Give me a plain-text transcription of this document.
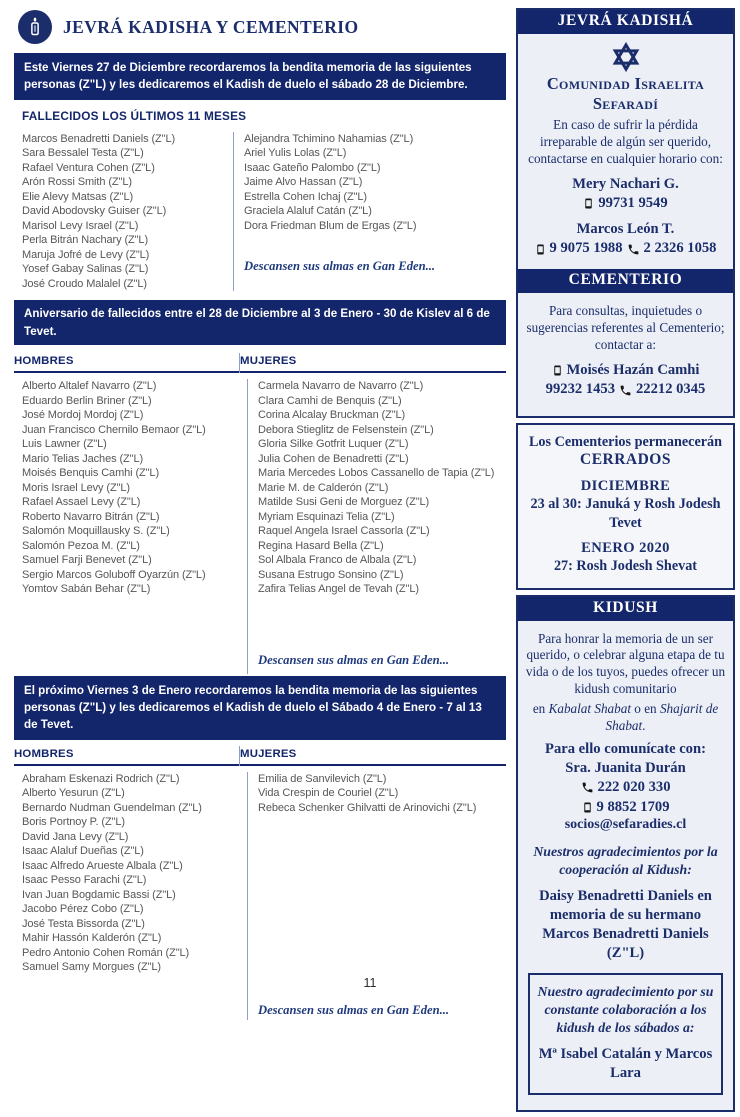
JEVRÁ KADISHA Y CEMENTERIO
Este Viernes 27 de Diciembre recordaremos la bendita memoria de las siguientes personas (Z"L) y les dedicaremos el Kadish de duelo el sábado 28 de Diciembre.
FALLECIDOS LOS ÚLTIMOS 11 MESES
Marcos Benadretti Daniels (Z"L)
Sara Bessalel Testa (Z"L)
Rafael Ventura Cohen (Z"L)
Arón Rossi Smith (Z"L)
Elie Alevy Matsas (Z"L)
David Abodovsky Guiser (Z"L)
Marisol Levy Israel (Z"L)
Perla Bitrán Nachary (Z"L)
Maruja Jofré de Levy (Z"L)
Yosef Gabay Salinas (Z"L)
José Croudo Malalel (Z"L)
Alejandra Tchimino Nahamias (Z"L)
Ariel Yulis Lolas (Z"L)
Isaac Gateño Palombo (Z"L)
Jaime Alvo Hassan (Z"L)
Estrella Cohen Ichaj (Z"L)
Graciela Alaluf Catán (Z"L)
Dora Friedman Blum de Ergas (Z"L)
Descansen sus almas en Gan Eden...
Aniversario de fallecidos entre el 28 de Diciembre al 3 de Enero - 30 de Kislev al 6 de Tevet.
HOMBRES	MUJERES
Alberto Altalef Navarro (Z"L)
Eduardo Berlin Briner (Z"L)
José Mordoj Mordoj (Z"L)
Juan Francisco Chernilo Bemaor (Z"L)
Luis Lawner (Z"L)
Mario Telias Jaches (Z"L)
Moisés Benquis Camhi (Z"L)
Moris Israel Levy (Z"L)
Rafael Assael Levy (Z"L)
Roberto Navarro Bitrán (Z"L)
Salomón Moquillausky S. (Z"L)
Salomón Pezoa M. (Z"L)
Samuel Farji Benevet (Z"L)
Sergio Marcos Goluboff Oyarzún (Z"L)
Yomtov Sabán Behar (Z"L)
Carmela Navarro de Navarro (Z"L)
Clara Camhi de Benquis (Z"L)
Corina Alcalay Bruckman (Z"L)
Debora Stieglitz de Felsenstein (Z"L)
Gloria Silke Gotfrit Luquer (Z"L)
Julia Cohen de Benadretti (Z"L)
Maria Mercedes Lobos Cassanello de Tapia (Z"L)
Marie M. de Calderón (Z"L)
Matilde Susi Geni de Morguez (Z"L)
Myriam Esquinazi Telia (Z"L)
Raquel Angela Israel Cassorla (Z"L)
Regina Hasard Bella (Z"L)
Sol Albala Franco de Albala (Z"L)
Susana Estrugo Sonsino (Z"L)
Zafira Telias Angel de Tevah (Z"L)
Descansen sus almas en Gan Eden...
El próximo Viernes 3 de Enero recordaremos la bendita memoria de las siguientes personas (Z"L) y les dedicaremos el Kadish de duelo el Sábado 4 de Enero - 7 al 13 de Tevet.
HOMBRES	MUJERES
Abraham Eskenazi Rodrich (Z"L)
Alberto Yesurun (Z"L)
Bernardo Nudman Guendelman (Z"L)
Boris Portnoy P. (Z"L)
David Jana Levy (Z"L)
Isaac Alaluf Dueñas (Z"L)
Isaac Alfredo Arueste Albala (Z"L)
Isaac Pesso Farachi (Z"L)
Ivan Juan Bogdamic Bassi (Z"L)
Jacobo Pérez Cobo (Z"L)
José Testa Bissorda (Z"L)
Mahir Hassón Kalderón (Z"L)
Pedro Antonio Cohen Román (Z"L)
Samuel Samy Morgues (Z"L)
Emilia de Sanvilevich (Z"L)
Vida Crespin de Couriel (Z"L)
Rebeca Schenker Ghilvatti de Arinovichi (Z"L)
Descansen sus almas en Gan Eden...
JEVRÁ KADISHÁ
Comunidad Israelita Sefaradí
En caso de sufrir la pérdida irreparable de algún ser querido, contactarse en cualquier horario con:
Mery Nachari G.
99731 9549
Marcos León T.
9 9075 1988 2 2326 1058
CEMENTERIO
Para consultas, inquietudes o sugerencias referentes al Cementerio; contactar a:
Moisés Hazán Camhi
99232 1453 22212 0345
Los Cementerios permanecerán
CERRADOS
DICIEMBRE
23 al 30: Januká y Rosh Jodesh Tevet
ENERO 2020
27: Rosh Jodesh Shevat
KIDUSH
Para honrar la memoria de un ser querido, o celebrar alguna etapa de tu vida o de los tuyos, puedes ofrecer un kidush comunitario
en Kabalat Shabat o en Shajarit de Shabat.
Para ello comunícate con:
Sra. Juanita Durán
222 020 330
9 8852 1709
socios@sefaradies.cl
Nuestros agradecimientos por la cooperación al Kidush:
Daisy Benadretti Daniels en memoria de su hermano Marcos Benadretti Daniels (Z"L)
Nuestro agradecimiento por su constante colaboración a los kidush de los sábados a:
Mª Isabel Catalán y Marcos Lara
11
